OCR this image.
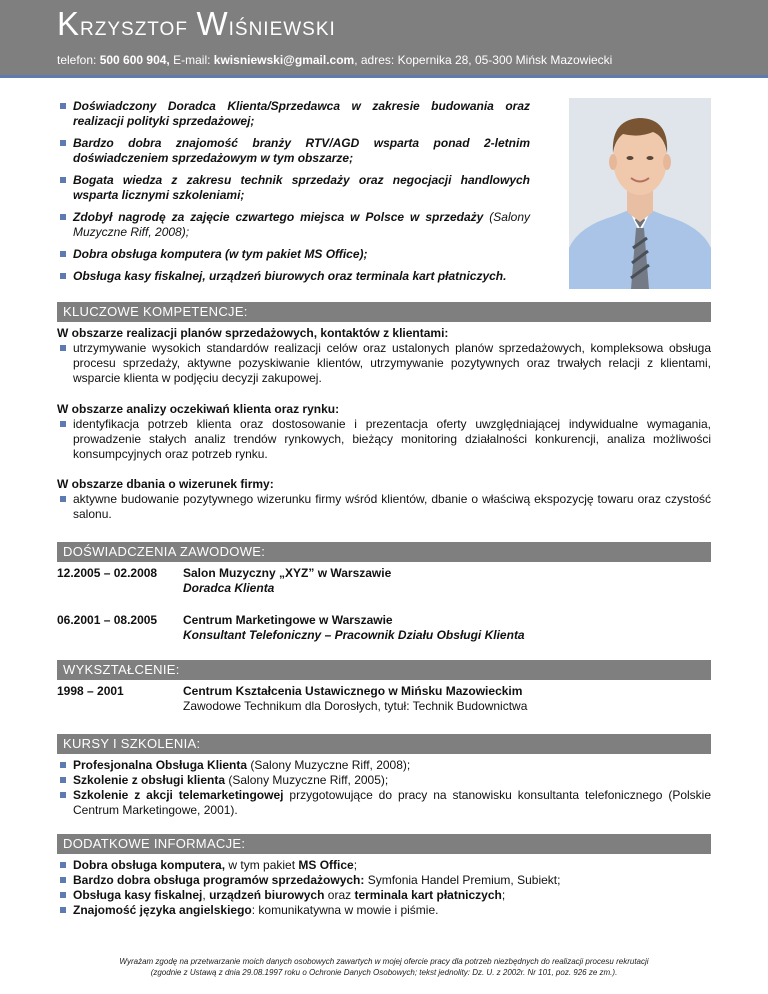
Krzysztof Wiśniewski
telefon: 500 600 904, E-mail: kwisniewski@gmail.com, adres: Kopernika 28, 05-300 Mińsk Mazowiecki
Doświadczony Doradca Klienta/Sprzedawca w zakresie budowania oraz realizacji polityki sprzedażowej;
Bardzo dobra znajomość branży RTV/AGD wsparta ponad 2-letnim doświadczeniem sprzedażowym w tym obszarze;
Bogata wiedza z zakresu technik sprzedaży oraz negocjacji handlowych wsparta licznymi szkoleniami;
Zdobył nagrodę za zajęcie czwartego miejsca w Polsce w sprzedaży (Salony Muzyczne Riff, 2008);
Dobra obsługa komputera (w tym pakiet MS Office);
Obsługa kasy fiskalnej, urządzeń biurowych oraz terminala kart płatniczych.
KLUCZOWE KOMPETENCJE:

W obszarze realizacji planów sprzedażowych, kontaktów z klientami:

utrzymywanie wysokich standardów realizacji celów oraz ustalonych planów sprzedażowych, kompleksowa obsługa procesu sprzedaży, aktywne pozyskiwanie klientów, utrzymywanie pozytywnych oraz trwałych relacji z klientami, wsparcie klienta w podjęciu decyzji zakupowej.

W obszarze analizy oczekiwań klienta oraz rynku:

identyfikacja potrzeb klienta oraz dostosowanie i prezentacja oferty uwzględniającej indywidualne wymagania, prowadzenie stałych analiz trendów rynkowych, bieżący monitoring działalności konkurencji, analiza możliwości konsumpcyjnych oraz potrzeb rynku.

W obszarze dbania o wizerunek firmy:

aktywne budowanie pozytywnego wizerunku firmy wśród klientów, dbanie o właściwą ekspozycję towaru oraz czystość salonu.
DOŚWIADCZENIA ZAWODOWE:
12.2005 – 02.2008 Salon Muzyczny „XYZ” w Warszawie
Doradca Klienta
06.2001 – 08.2005 Centrum Marketingowe w Warszawie
Konsultant Telefoniczny – Pracownik Działu Obsługi Klienta
WYKSZTAŁCENIE:
1998 – 2001	Centrum Kształcenia Ustawicznego w Mińsku Mazowieckim
Zawodowe Technikum dla Dorosłych, tytuł: Technik Budownictwa
KURSY I SZKOLENIA:
Profesjonalna Obsługa Klienta (Salony Muzyczne Riff, 2008);
Szkolenie z obsługi klienta (Salony Muzyczne Riff, 2005);
Szkolenie z akcji telemarketingowej przygotowujące do pracy na stanowisku konsultanta telefonicznego (Polskie Centrum Marketingowe, 2001).
DODATKOWE INFORMACJE:
Dobra obsługa komputera, w tym pakiet MS Office;
Bardzo dobra obsługa programów sprzedażowych: Symfonia Handel Premium, Subiekt;
Obsługa kasy fiskalnej, urządzeń biurowych oraz terminala kart płatniczych;
Znajomość języka angielskiego: komunikatywna w mowie i piśmie.
Wyrażam zgodę na przetwarzanie moich danych osobowych zawartych w mojej ofercie pracy dla potrzeb niezbędnych do realizacji procesu rekrutacji
(zgodnie z Ustawą z dnia 29.08.1997 roku o Ochronie Danych Osobowych; tekst jednolity: Dz. U. z 2002r. Nr 101, poz. 926 ze zm.).
